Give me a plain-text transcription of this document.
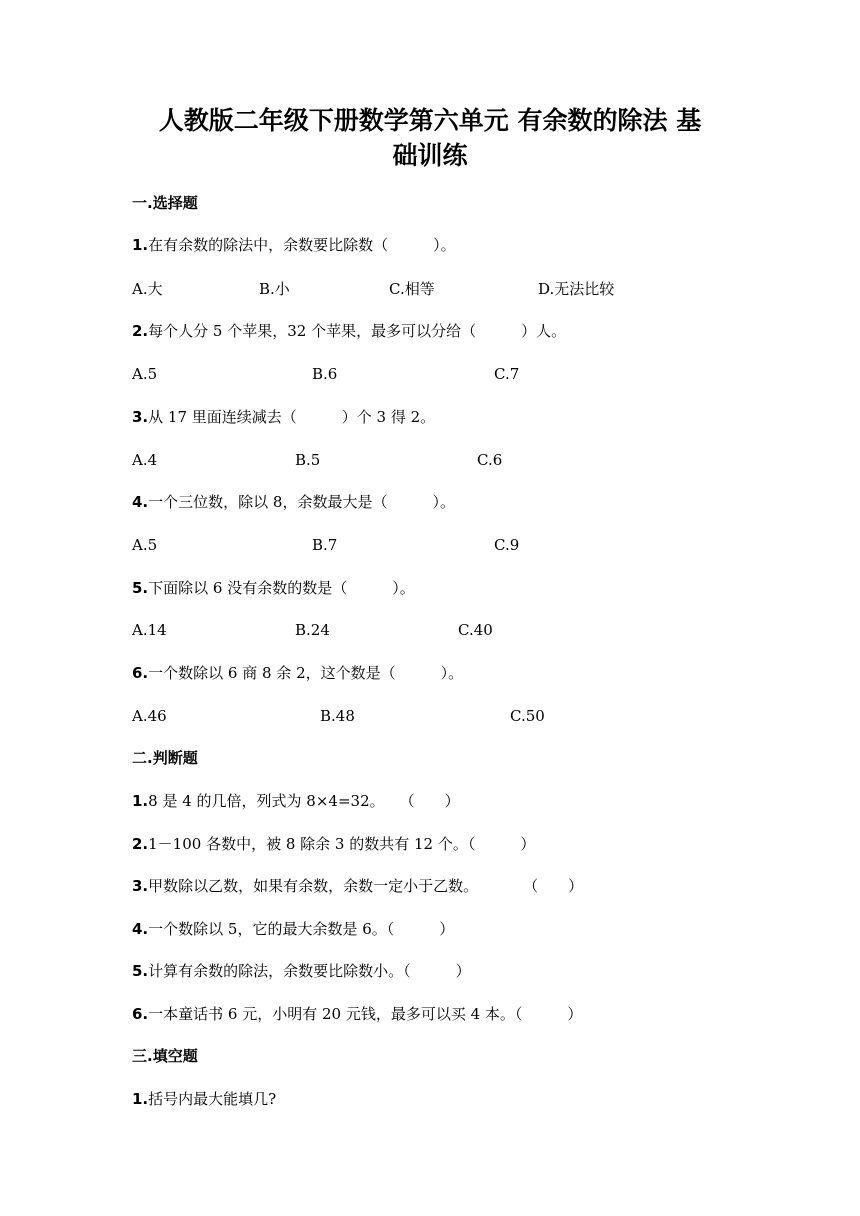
人教版二年级下册数学第六单元 有余数的除法 基
础训练
一.选择题
1.在有余数的除法中，余数要比除数（　　　）。
A.大	B.小	C.相等	D.无法比较
2.每个人分 5 个苹果，32 个苹果，最多可以分给（　　　）人。
A.5	B.6	C.7
3.从 17 里面连续减去（　　　）个 3 得 2。
A.4	B.5	C.6
4.一个三位数，除以 8，余数最大是（　　　）。
A.5	B.7	C.9
5.下面除以 6 没有余数的数是（　　　）。
A.14	B.24	C.40
6.一个数除以 6 商 8 余 2，这个数是（　　　）。
A.46	B.48	C.50
二.判断题
1.8 是 4 的几倍，列式为 8×4=32。　　（　　）
2.1－100 各数中，被 8 除余 3 的数共有 12 个。（　　　）
3.甲数除以乙数，如果有余数，余数一定小于乙数。　　　　（　　）
4.一个数除以 5，它的最大余数是 6。（　　　）
5.计算有余数的除法，余数要比除数小。（　　　）
6.一本童话书 6 元，小明有 20 元钱，最多可以买 4 本。（　　　）
三.填空题
1.括号内最大能填几?
